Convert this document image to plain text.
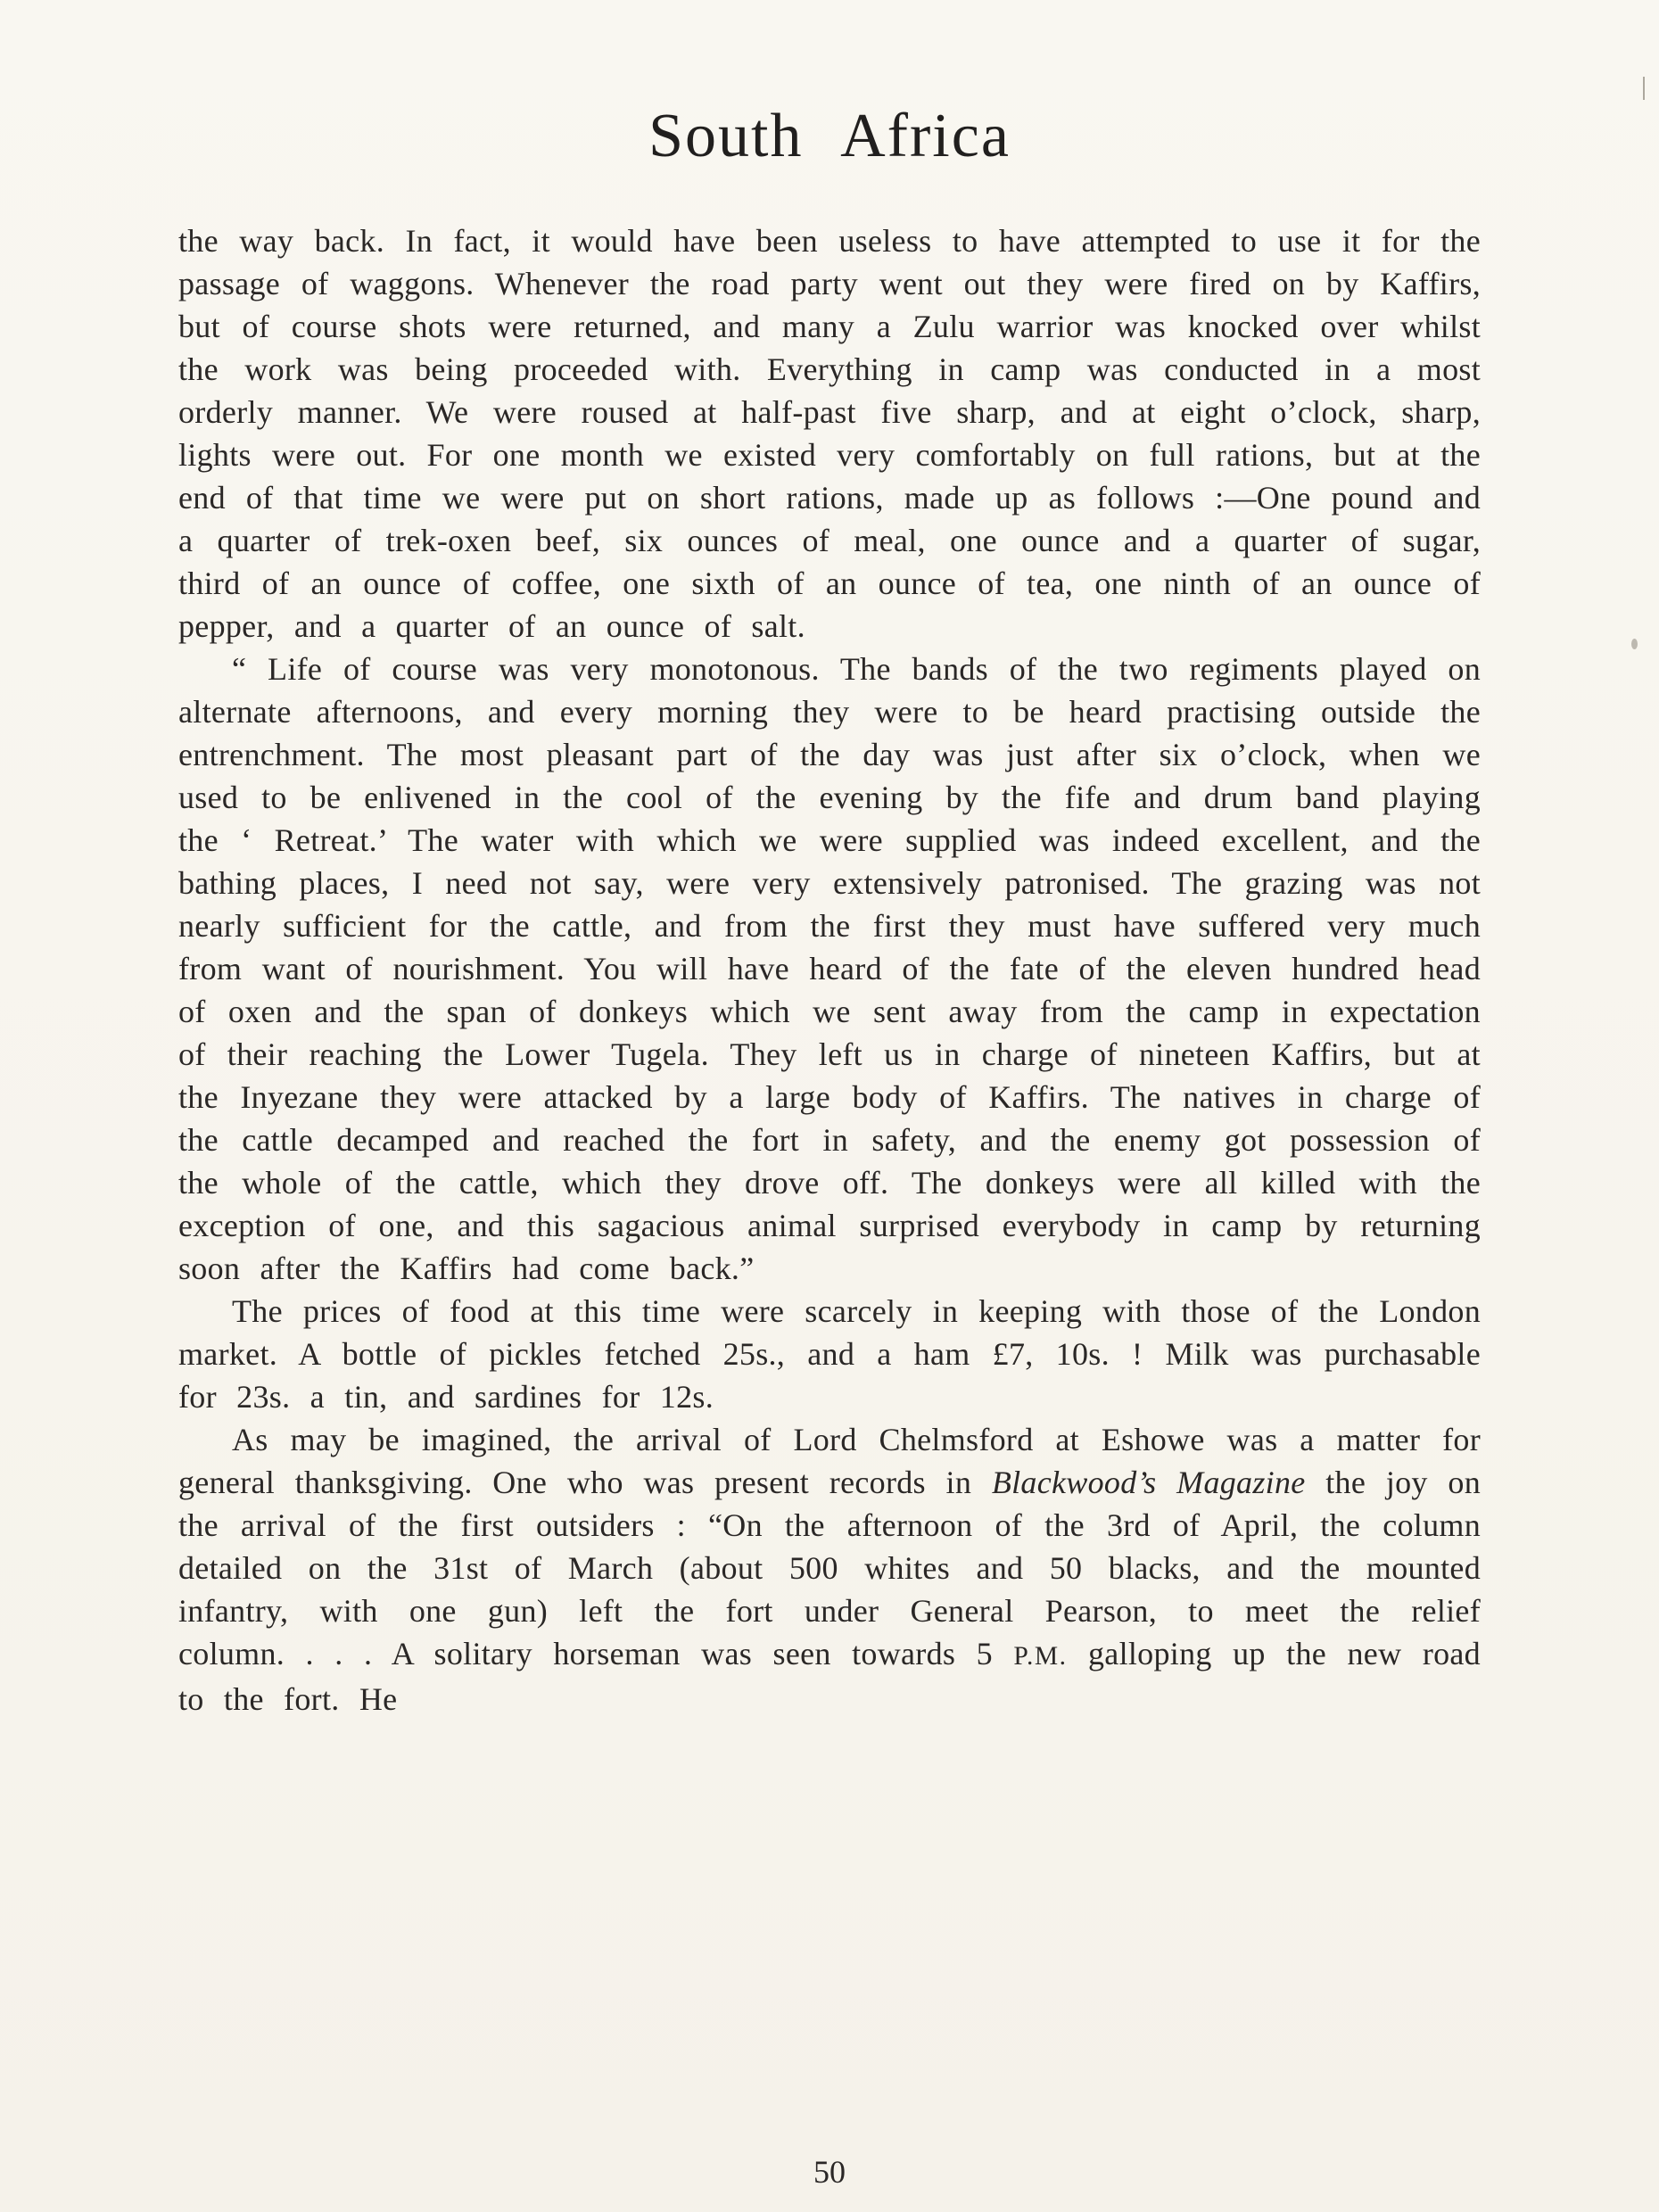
South Africa

the way back. In fact, it would have been useless to have attempted to use it for the passage of waggons. Whenever the road party went out they were fired on by Kaffirs, but of course shots were returned, and many a Zulu warrior was knocked over whilst the work was being proceeded with. Everything in camp was conducted in a most orderly manner. We were roused at half-past five sharp, and at eight o’clock, sharp, lights were out. For one month we existed very comfortably on full rations, but at the end of that time we were put on short rations, made up as follows :—One pound and a quarter of trek-oxen beef, six ounces of meal, one ounce and a quarter of sugar, third of an ounce of coffee, one sixth of an ounce of tea, one ninth of an ounce of pepper, and a quarter of an ounce of salt.

“ Life of course was very monotonous. The bands of the two regiments played on alternate afternoons, and every morning they were to be heard practising outside the entrenchment. The most pleasant part of the day was just after six o’clock, when we used to be enlivened in the cool of the evening by the fife and drum band playing the ‘ Retreat.’ The water with which we were supplied was indeed excellent, and the bathing places, I need not say, were very extensively patronised. The grazing was not nearly sufficient for the cattle, and from the first they must have suffered very much from want of nourishment. You will have heard of the fate of the eleven hundred head of oxen and the span of donkeys which we sent away from the camp in expectation of their reaching the Lower Tugela. They left us in charge of nineteen Kaffirs, but at the Inyezane they were attacked by a large body of Kaffirs. The natives in charge of the cattle decamped and reached the fort in safety, and the enemy got possession of the whole of the cattle, which they drove off. The donkeys were all killed with the exception of one, and this sagacious animal surprised everybody in camp by returning soon after the Kaffirs had come back.”

The prices of food at this time were scarcely in keeping with those of the London market. A bottle of pickles fetched 25s., and a ham £7, 10s. ! Milk was purchasable for 23s. a tin, and sardines for 12s.

As may be imagined, the arrival of Lord Chelmsford at Eshowe was a matter for general thanksgiving. One who was present records in Blackwood’s Magazine the joy on the arrival of the first outsiders : “On the afternoon of the 3rd of April, the column detailed on the 31st of March (about 500 whites and 50 blacks, and the mounted infantry, with one gun) left the fort under General Pearson, to meet the relief column. . . . A solitary horseman was seen towards 5 P.M. galloping up the new road to the fort. He

50
